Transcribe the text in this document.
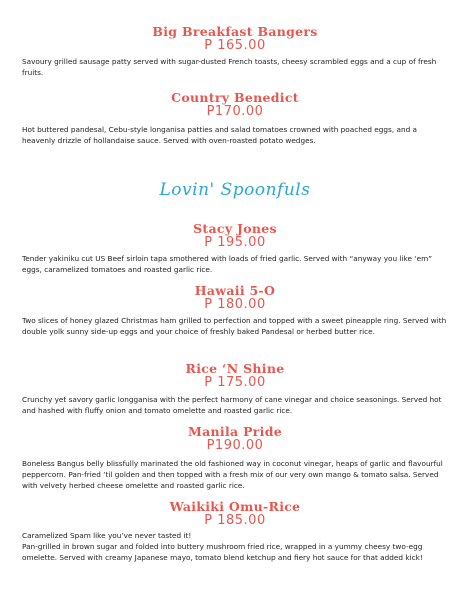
Big Breakfast Bangers
P 165.00
Savoury grilled sausage patty served with sugar-dusted French toasts, cheesy scrambled eggs and a cup of fresh fruits.
Country Benedict
P170.00
Hot buttered pandesal, Cebu-style longanisa patties and salad tomatoes crowned with poached eggs, and a heavenly drizzle of hollandaise sauce. Served with oven-roasted potato wedges.
Lovin' Spoonfuls
Stacy Jones
P 195.00
Tender yakiniku cut US Beef sirloin tapa smothered with loads of fried garlic. Served with “anyway you like ‘em” eggs, caramelized tomatoes and roasted garlic rice.
Hawaii 5-O
P 180.00
Two slices of honey glazed Christmas ham grilled to perfection and topped with a sweet pineapple ring. Served with double yolk sunny side-up eggs and your choice of freshly baked Pandesal or herbed butter rice.
Rice ‘N Shine
P 175.00
Crunchy yet savory garlic longganisa with the perfect harmony of cane vinegar and choice seasonings. Served hot and hashed with fluffy onion and tomato omelette and roasted garlic rice.
Manila Pride
P190.00
Boneless Bangus belly blissfully marinated the old fashioned way in coconut vinegar, heaps of garlic and flavourful peppercorn. Pan-fried ’til golden and then topped with a fresh mix of our very own mango & tomato salsa. Served with velvety herbed cheese omelette and roasted garlic rice.
Waikiki Omu-Rice
P 185.00
Caramelized Spam like you’ve never tasted it!
Pan-grilled in brown sugar and folded into buttery mushroom fried rice, wrapped in a yummy cheesy two-egg omelette. Served with creamy Japanese mayo, tomato blend ketchup and fiery hot sauce for that added kick!
